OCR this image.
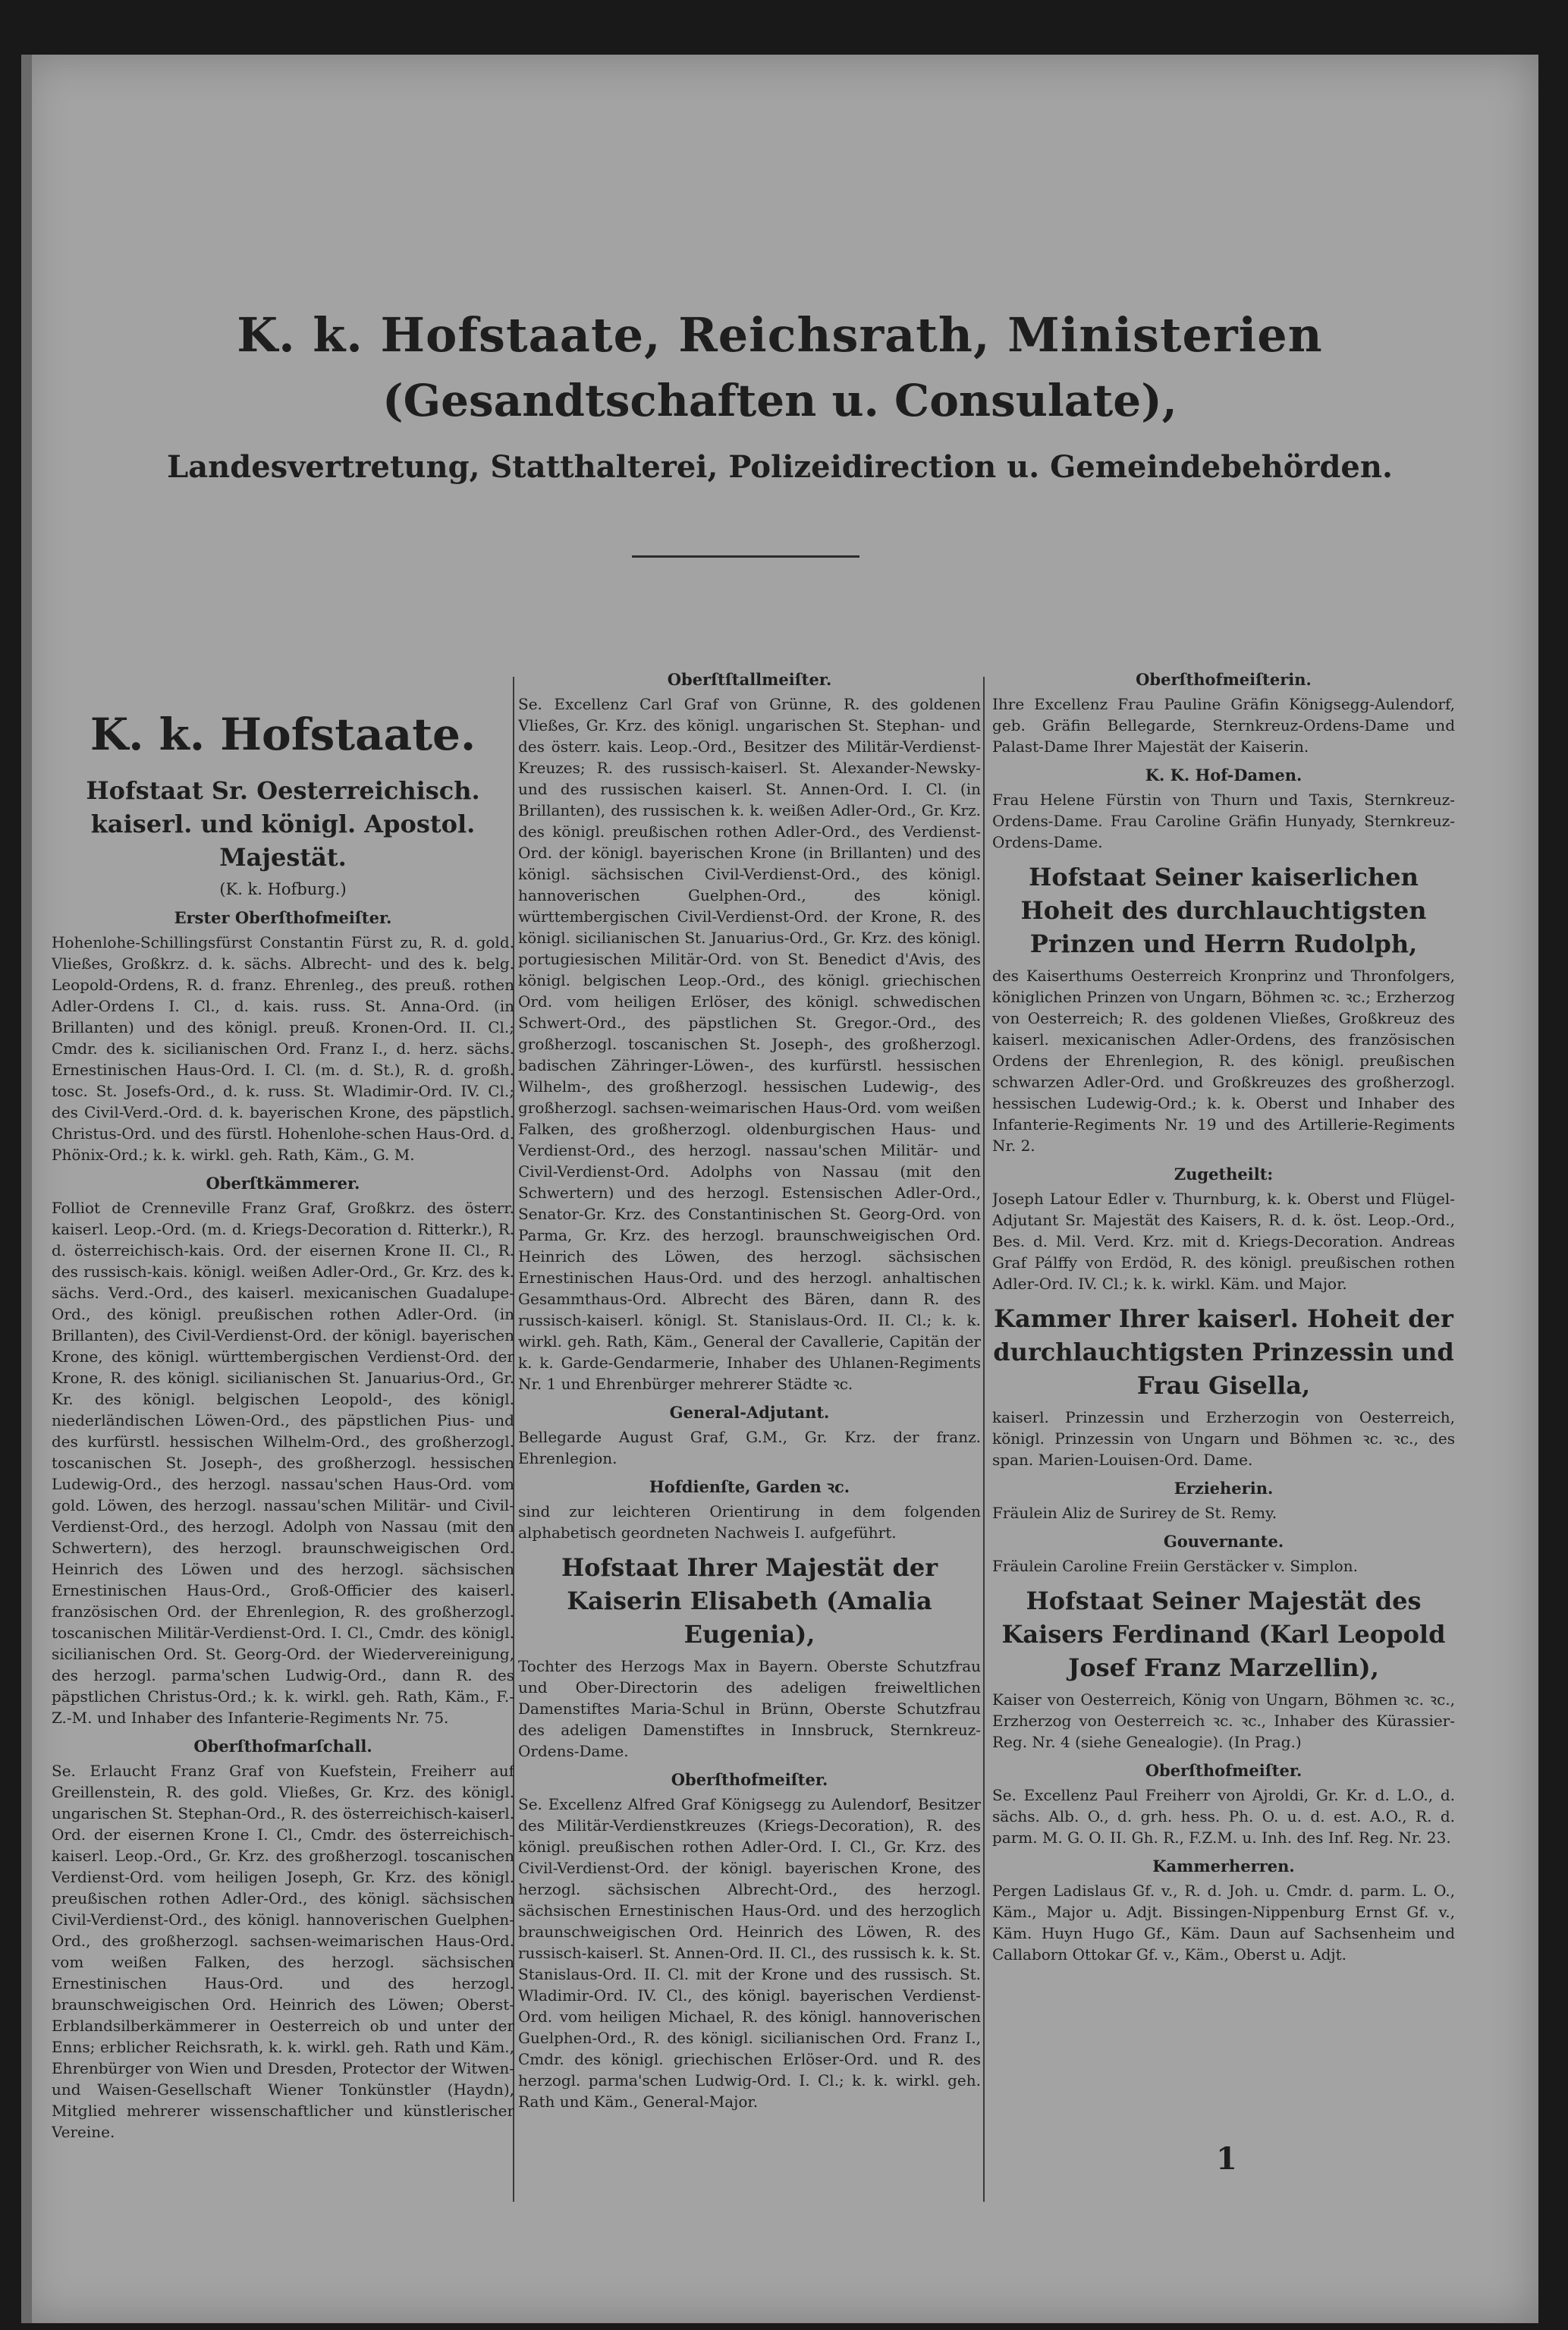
K. k. Hofstaate, Reichsrath, Ministerien

(Gesandtschaften u. Consulate),

Landesvertretung, Statthalterei, Polizeidirection u. Gemeindebehörden.

K. k. Hofstaate.
Hofstaat Sr. Oesterreichisch. kaiserl. und königl. Apostol. Majestät.
(K. k. Hofburg.)
Erster Oberſthofmeiſter.

Hohenlohe-Schillingsfürst Constantin Fürst zu, R. d. gold. Vließes, Großkrz. d. k. sächs. Albrecht- und des k. belg. Leopold-Ordens, R. d. franz. Ehrenleg., des preuß. rothen Adler-Ordens I. Cl., d. kais. russ. St. Anna-Ord. (in Brillanten) und des königl. preuß. Kronen-Ord. II. Cl.; Cmdr. des k. sicilianischen Ord. Franz I., d. herz. sächs. Ernestinischen Haus-Ord. I. Cl. (m. d. St.), R. d. großh. tosc. St. Josefs-Ord., d. k. russ. St. Wladimir-Ord. IV. Cl.; des Civil-Verd.-Ord. d. k. bayerischen Krone, des päpstlich. Christus-Ord. und des fürstl. Hohenlohe-schen Haus-Ord. d. Phönix-Ord.; k. k. wirkl. geh. Rath, Käm., G. M.

Oberſtkämmerer.

Folliot de Crenneville Franz Graf, Großkrz. des österr. kaiserl. Leop.-Ord. (m. d. Kriegs-Decoration d. Ritterkr.), R. d. österreichisch-kais. Ord. der eisernen Krone II. Cl., R. des russisch-kais. königl. weißen Adler-Ord., Gr. Krz. des k. sächs. Verd.-Ord., des kaiserl. mexicanischen Guadalupe-Ord., des königl. preußischen rothen Adler-Ord. (in Brillanten), des Civil-Verdienst-Ord. der königl. bayerischen Krone, des königl. württembergischen Verdienst-Ord. der Krone, R. des königl. sicilianischen St. Januarius-Ord., Gr. Kr. des königl. belgischen Leopold-, des königl. niederländischen Löwen-Ord., des päpstlichen Pius- und des kurfürstl. hessischen Wilhelm-Ord., des großherzogl. toscanischen St. Joseph-, des großherzogl. hessischen Ludewig-Ord., des herzogl. nassau'schen Haus-Ord. vom gold. Löwen, des herzogl. nassau'schen Militär- und Civil-Verdienst-Ord., des herzogl. Adolph von Nassau (mit den Schwertern), des herzogl. braunschweigischen Ord. Heinrich des Löwen und des herzogl. sächsischen Ernestinischen Haus-Ord., Groß-Officier des kaiserl. französischen Ord. der Ehrenlegion, R. des großherzogl. toscanischen Militär-Verdienst-Ord. I. Cl., Cmdr. des königl. sicilianischen Ord. St. Georg-Ord. der Wiedervereinigung, des herzogl. parma'schen Ludwig-Ord., dann R. des päpstlichen Christus-Ord.; k. k. wirkl. geh. Rath, Käm., F.-Z.-M. und Inhaber des Infanterie-Regiments Nr. 75.

Oberſthofmarſchall.

Se. Erlaucht Franz Graf von Kuefstein, Freiherr auf Greillenstein, R. des gold. Vließes, Gr. Krz. des königl. ungarischen St. Stephan-Ord., R. des österreichisch-kaiserl. Ord. der eisernen Krone I. Cl., Cmdr. des österreichisch-kaiserl. Leop.-Ord., Gr. Krz. des großherzogl. toscanischen Verdienst-Ord. vom heiligen Joseph, Gr. Krz. des königl. preußischen rothen Adler-Ord., des königl. sächsischen Civil-Verdienst-Ord., des königl. hannoverischen Guelphen-Ord., des großherzogl. sachsen-weimarischen Haus-Ord. vom weißen Falken, des herzogl. sächsischen Ernestinischen Haus-Ord. und des herzogl. braunschweigischen Ord. Heinrich des Löwen; Oberst-Erblandsilberkämmerer in Oesterreich ob und unter der Enns; erblicher Reichsrath, k. k. wirkl. geh. Rath und Käm., Ehrenbürger von Wien und Dresden, Protector der Witwen- und Waisen-Gesellschaft Wiener Tonkünstler (Haydn), Mitglied mehrerer wissenschaftlicher und künstlerischer Vereine.

Oberſtſtallmeiſter.

Se. Excellenz Carl Graf von Grünne, R. des goldenen Vließes, Gr. Krz. des königl. ungarischen St. Stephan- und des österr. kais. Leop.-Ord., Besitzer des Militär-Verdienst-Kreuzes; R. des russisch-kaiserl. St. Alexander-Newsky- und des russischen kaiserl. St. Annen-Ord. I. Cl. (in Brillanten), des russischen k. k. weißen Adler-Ord., Gr. Krz. des königl. preußischen rothen Adler-Ord., des Verdienst-Ord. der königl. bayerischen Krone (in Brillanten) und des königl. sächsischen Civil-Verdienst-Ord., des königl. hannoverischen Guelphen-Ord., des königl. württembergischen Civil-Verdienst-Ord. der Krone, R. des königl. sicilianischen St. Januarius-Ord., Gr. Krz. des königl. portugiesischen Militär-Ord. von St. Benedict d'Avis, des königl. belgischen Leop.-Ord., des königl. griechischen Ord. vom heiligen Erlöser, des königl. schwedischen Schwert-Ord., des päpstlichen St. Gregor.-Ord., des großherzogl. toscanischen St. Joseph-, des großherzogl. badischen Zähringer-Löwen-, des kurfürstl. hessischen Wilhelm-, des großherzogl. hessischen Ludewig-, des großherzogl. sachsen-weimarischen Haus-Ord. vom weißen Falken, des großherzogl. oldenburgischen Haus- und Verdienst-Ord., des herzogl. nassau'schen Militär- und Civil-Verdienst-Ord. Adolphs von Nassau (mit den Schwertern) und des herzogl. Estensischen Adler-Ord., Senator-Gr. Krz. des Constantinischen St. Georg-Ord. von Parma, Gr. Krz. des herzogl. braunschweigischen Ord. Heinrich des Löwen, des herzogl. sächsischen Ernestinischen Haus-Ord. und des herzogl. anhaltischen Gesammthaus-Ord. Albrecht des Bären, dann R. des russisch-kaiserl. königl. St. Stanislaus-Ord. II. Cl.; k. k. wirkl. geh. Rath, Käm., General der Cavallerie, Capitän der k. k. Garde-Gendarmerie, Inhaber des Uhlanen-Regiments Nr. 1 und Ehrenbürger mehrerer Städte ꝛc.

General-Adjutant.

Bellegarde August Graf, G.M., Gr. Krz. der franz. Ehrenlegion.

Hofdienſte, Garden ꝛc.

sind zur leichteren Orientirung in dem folgenden alphabetisch geordneten Nachweis I. aufgeführt.

Hofstaat Ihrer Majestät der Kaiserin Elisabeth (Amalia Eugenia),

Tochter des Herzogs Max in Bayern. Oberste Schutzfrau und Ober-Directorin des adeligen freiweltlichen Damenstiftes Maria-Schul in Brünn, Oberste Schutzfrau des adeligen Damenstiftes in Innsbruck, Sternkreuz-Ordens-Dame.

Oberſthofmeiſter.

Se. Excellenz Alfred Graf Königsegg zu Aulendorf, Besitzer des Militär-Verdienstkreuzes (Kriegs-Decoration), R. des königl. preußischen rothen Adler-Ord. I. Cl., Gr. Krz. des Civil-Verdienst-Ord. der königl. bayerischen Krone, des herzogl. sächsischen Albrecht-Ord., des herzogl. sächsischen Ernestinischen Haus-Ord. und des herzoglich braunschweigischen Ord. Heinrich des Löwen, R. des russisch-kaiserl. St. Annen-Ord. II. Cl., des russisch k. k. St. Stanislaus-Ord. II. Cl. mit der Krone und des russisch. St. Wladimir-Ord. IV. Cl., des königl. bayerischen Verdienst-Ord. vom heiligen Michael, R. des königl. hannoverischen Guelphen-Ord., R. des königl. sicilianischen Ord. Franz I., Cmdr. des königl. griechischen Erlöser-Ord. und R. des herzogl. parma'schen Ludwig-Ord. I. Cl.; k. k. wirkl. geh. Rath und Käm., General-Major.

Oberſthofmeiſterin.

Ihre Excellenz Frau Pauline Gräfin Königsegg-Aulendorf, geb. Gräfin Bellegarde, Sternkreuz-Ordens-Dame und Palast-Dame Ihrer Majestät der Kaiserin.

K. K. Hof-Damen.

Frau Helene Fürstin von Thurn und Taxis, Sternkreuz-Ordens-Dame. Frau Caroline Gräfin Hunyady, Sternkreuz-Ordens-Dame.

Hofstaat Seiner kaiserlichen Hoheit des durchlauchtigsten Prinzen und Herrn Rudolph,

des Kaiserthums Oesterreich Kronprinz und Thronfolgers, königlichen Prinzen von Ungarn, Böhmen ꝛc. ꝛc.; Erzherzog von Oesterreich; R. des goldenen Vließes, Großkreuz des kaiserl. mexicanischen Adler-Ordens, des französischen Ordens der Ehrenlegion, R. des königl. preußischen schwarzen Adler-Ord. und Großkreuzes des großherzogl. hessischen Ludewig-Ord.; k. k. Oberst und Inhaber des Infanterie-Regiments Nr. 19 und des Artillerie-Regiments Nr. 2.

Zugetheilt:

Joseph Latour Edler v. Thurnburg, k. k. Oberst und Flügel-Adjutant Sr. Majestät des Kaisers, R. d. k. öst. Leop.-Ord., Bes. d. Mil. Verd. Krz. mit d. Kriegs-Decoration. Andreas Graf Pálffy von Erdöd, R. des königl. preußischen rothen Adler-Ord. IV. Cl.; k. k. wirkl. Käm. und Major.

Kammer Ihrer kaiserl. Hoheit der durchlauchtigsten Prinzessin und Frau Gisella,

kaiserl. Prinzessin und Erzherzogin von Oesterreich, königl. Prinzessin von Ungarn und Böhmen ꝛc. ꝛc., des span. Marien-Louisen-Ord. Dame.

Erzieherin.

Fräulein Aliz de Surirey de St. Remy.

Gouvernante.

Fräulein Caroline Freiin Gerstäcker v. Simplon.

Hofstaat Seiner Majestät des Kaisers Ferdinand (Karl Leopold Josef Franz Marzellin),

Kaiser von Oesterreich, König von Ungarn, Böhmen ꝛc. ꝛc., Erzherzog von Oesterreich ꝛc. ꝛc., Inhaber des Kürassier-Reg. Nr. 4 (siehe Genealogie). (In Prag.)

Oberſthofmeiſter.

Se. Excellenz Paul Freiherr von Ajroldi, Gr. Kr. d. L.O., d. sächs. Alb. O., d. grh. hess. Ph. O. u. d. est. A.O., R. d. parm. M. G. O. II. Gh. R., F.Z.M. u. Inh. des Inf. Reg. Nr. 23.

Kammerherren.

Pergen Ladislaus Gf. v., R. d. Joh. u. Cmdr. d. parm. L. O., Käm., Major u. Adjt. Bissingen-Nippenburg Ernst Gf. v., Käm. Huyn Hugo Gf., Käm. Daun auf Sachsenheim und Callaborn Ottokar Gf. v., Käm., Oberst u. Adjt.

1
